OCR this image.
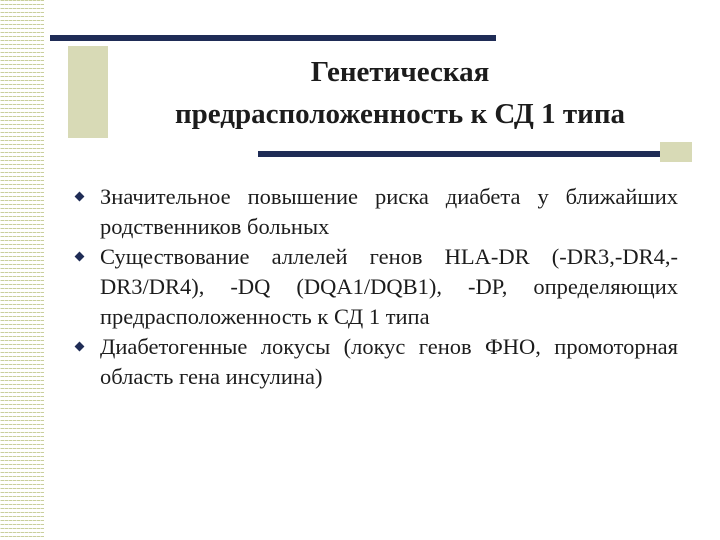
Генетическая
предрасположенность к СД 1 типа
Значительное повышение риска диабета у ближайших родственников больных
Существование аллелей генов HLA-DR (-DR3,-DR4,-DR3/DR4), -DQ (DQA1/DQB1), -DP, определяющих предрасположенность к СД 1 типа
Диабетогенные локусы (локус генов ФНО, промоторная область гена инсулина)
